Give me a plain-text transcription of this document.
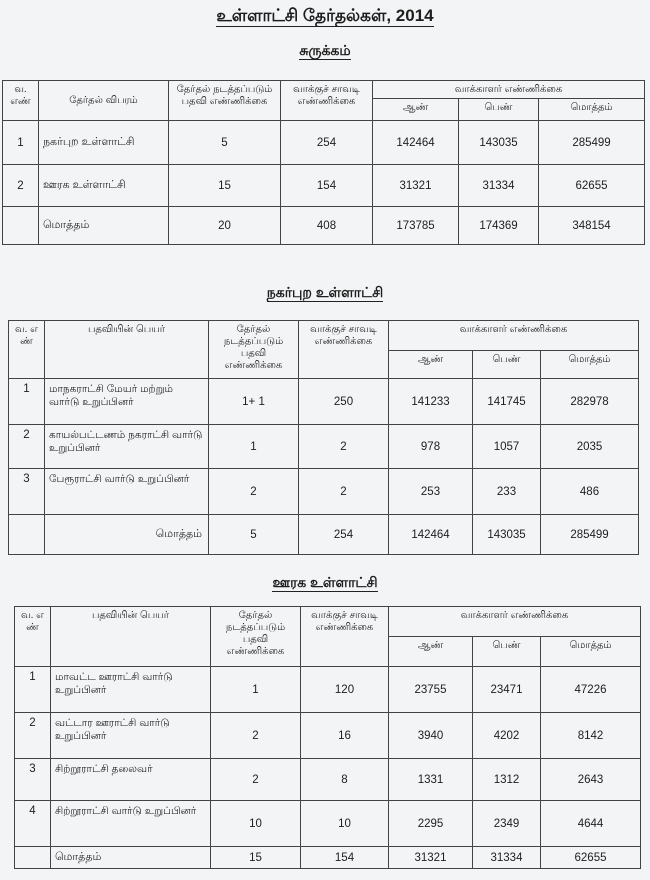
உள்ளாட்சி தேர்தல்கள், 2014
சுருக்கம்
வ. எண்	தேர்தல் விபரம்	தேர்தல் நடத்தப்படும் பதவி எண்ணிக்கை	வாக்குச் சாவடி எண்ணிக்கை	வாக்காளர் எண்ணிக்கை		
				ஆண்	பெண்	மொத்தம்
1	நகர்புற உள்ளாட்சி	5	254	142464	143035	285499
2	ஊரக உள்ளாட்சி	15	154	31321	31334	62655
	மொத்தம்	20	408	173785	174369	348154
நகர்புற உள்ளாட்சி
வ. எ ண்	பதவியின் பெயர்	தேர்தல் நடத்தப்படும் பதவி எண்ணிக்கை	வாக்குச் சாவடி எண்ணிக்கை	வாக்காளர் எண்ணிக்கை		
				ஆண்	பெண்	மொத்தம்
1	மாநகராட்சி மேயர் மற்றும் வார்டு உறுப்பினர்	1+ 1	250	141233	141745	282978
2	காயல்பட்டணம் நகராட்சி வார்டு உறுப்பினர்	1	2	978	1057	2035
3	பேரூராட்சி வார்டு உறுப்பினர்	2	2	253	233	486
	மொத்தம்	5	254	142464	143035	285499
ஊரக உள்ளாட்சி
வ. எ ண்	பதவியின் பெயர்	தேர்தல் நடத்தப்படும் பதவி எண்ணிக்கை	வாக்குச் சாவடி எண்ணிக்கை	வாக்காளர் எண்ணிக்கை		
				ஆண்	பெண்	மொத்தம்
1	மாவட்ட ஊராட்சி வார்டு உறுப்பினர்	1	120	23755	23471	47226
2	வட்டார ஊராட்சி வார்டு உறுப்பினர்	2	16	3940	4202	8142
3	சிற்றூராட்சி தலைவர்	2	8	1331	1312	2643
4	சிற்றூராட்சி வார்டு உறுப்பினர்	10	10	2295	2349	4644
	மொத்தம்	15	154	31321	31334	62655
